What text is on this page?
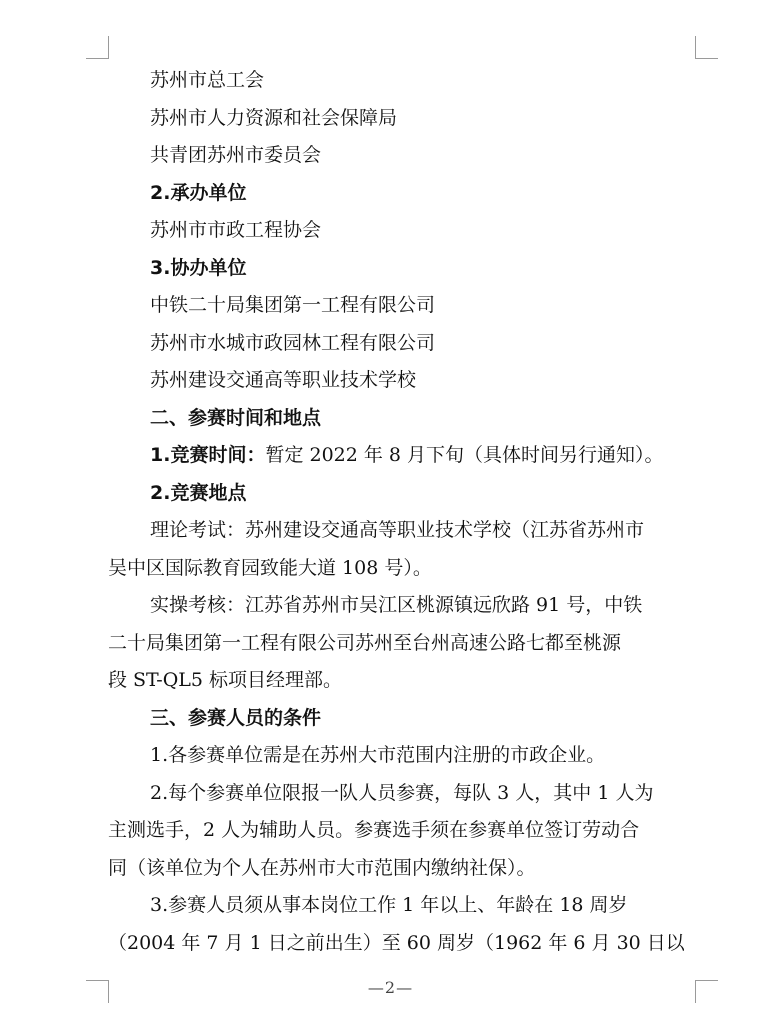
苏州市总工会
苏州市人力资源和社会保障局
共青团苏州市委员会
2.承办单位
苏州市市政工程协会
3.协办单位
中铁二十局集团第一工程有限公司
苏州市水城市政园林工程有限公司
苏州建设交通高等职业技术学校
二、参赛时间和地点
1.竞赛时间：暂定 2022 年 8 月下旬（具体时间另行通知）。
2.竞赛地点
理论考试：苏州建设交通高等职业技术学校（江苏省苏州市
吴中区国际教育园致能大道 108 号）。
实操考核：江苏省苏州市吴江区桃源镇远欣路 91 号，中铁
二十局集团第一工程有限公司苏州至台州高速公路七都至桃源
段 ST-QL5 标项目经理部。
三、参赛人员的条件
1.各参赛单位需是在苏州大市范围内注册的市政企业。
2.每个参赛单位限报一队人员参赛，每队 3 人，其中 1 人为
主测选手，2 人为辅助人员。参赛选手须在参赛单位签订劳动合
同（该单位为个人在苏州市大市范围内缴纳社保）。
3.参赛人员须从事本岗位工作 1 年以上、年龄在 18 周岁
（2004 年 7 月 1 日之前出生）至 60 周岁（1962 年 6 月 30 日以
—2—
